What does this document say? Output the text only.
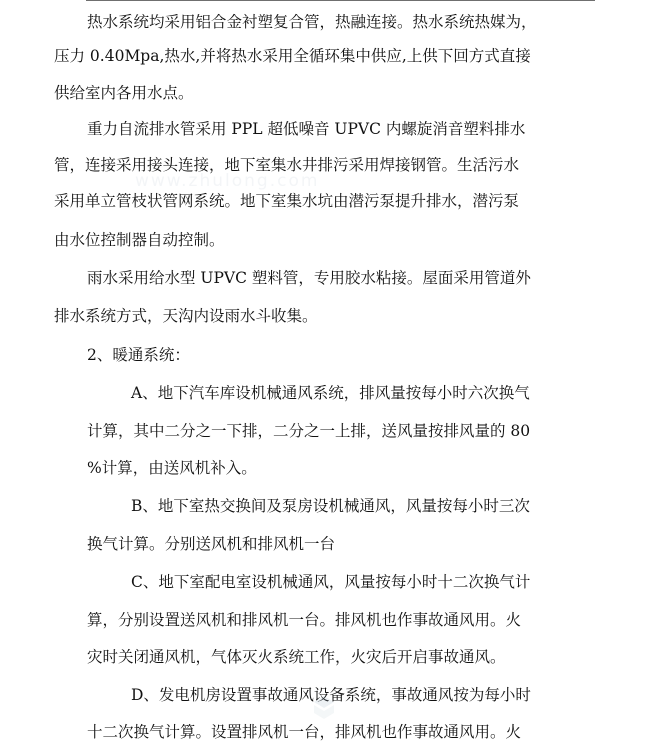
热水系统均采用铝合金衬塑复合管，热融连接。热水系统热媒为，
压力 0.40Mpa,热水,并将热水采用全循环集中供应,上供下回方式直接
供给室内各用水点。
重力自流排水管采用 PPL 超低噪音 UPVC 内螺旋消音塑料排水
管，连接采用接头连接，地下室集水井排污采用焊接钢管。生活污水
采用单立管枝状管网系统。地下室集水坑由潜污泵提升排水，潜污泵
由水位控制器自动控制。
雨水采用给水型 UPVC 塑料管，专用胶水粘接。屋面采用管道外
排水系统方式，天沟内设雨水斗收集。
2、暖通系统：
A、地下汽车库设机械通风系统，排风量按每小时六次换气
计算，其中二分之一下排，二分之一上排，送风量按排风量的 80
%计算，由送风机补入。
B、地下室热交换间及泵房设机械通风，风量按每小时三次
换气计算。分别送风机和排风机一台
C、地下室配电室设机械通风，风量按每小时十二次换气计
算，分别设置送风机和排风机一台。排风机也作事故通风用。火
灾时关闭通风机，气体灭火系统工作，火灾后开启事故通风。
D、发电机房设置事故通风设备系统，事故通风按为每小时
十二次换气计算。设置排风机一台，排风机也作事故通风用。火
www.zhulong.com
